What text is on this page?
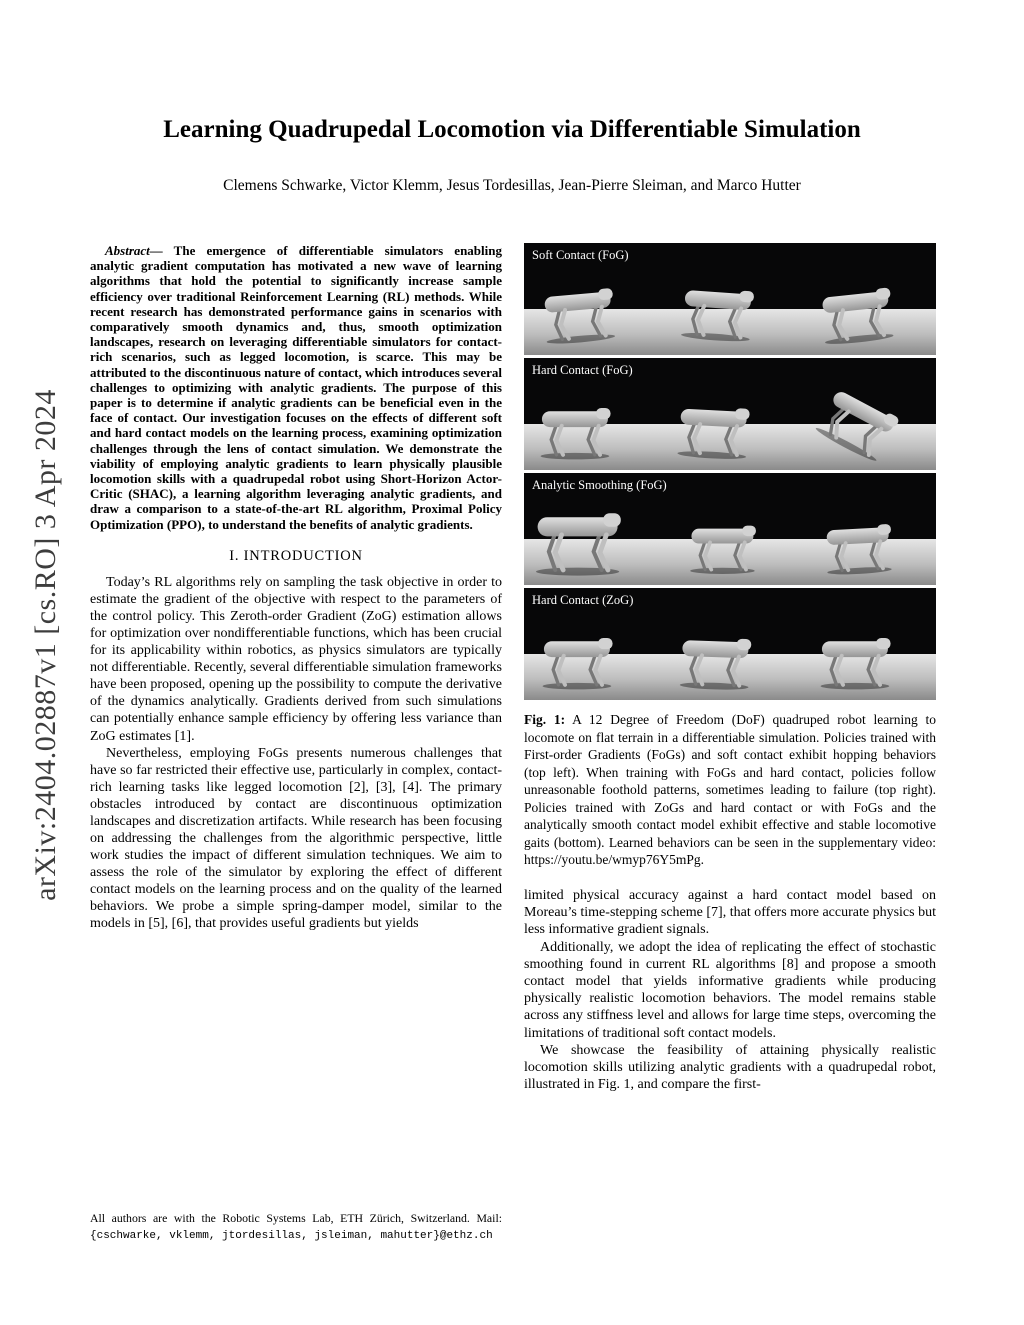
arXiv:2404.02887v1 [cs.RO] 3 Apr 2024
Learning Quadrupedal Locomotion via Differentiable Simulation
Clemens Schwarke, Victor Klemm, Jesus Tordesillas, Jean-Pierre Sleiman, and Marco Hutter

Abstract— The emergence of differentiable simulators enabling analytic gradient computation has motivated a new wave of learning algorithms that hold the potential to significantly increase sample efficiency over traditional Reinforcement Learning (RL) methods. While recent research has demonstrated performance gains in scenarios with comparatively smooth dynamics and, thus, smooth optimization landscapes, research on leveraging differentiable simulators for contact-rich scenarios, such as legged locomotion, is scarce. This may be attributed to the discontinuous nature of contact, which introduces several challenges to optimizing with analytic gradients. The purpose of this paper is to determine if analytic gradients can be beneficial even in the face of contact. Our investigation focuses on the effects of different soft and hard contact models on the learning process, examining optimization challenges through the lens of contact simulation. We demonstrate the viability of employing analytic gradients to learn physically plausible locomotion skills with a quadrupedal robot using Short-Horizon Actor-Critic (SHAC), a learning algorithm leveraging analytic gradients, and draw a comparison to a state-of-the-art RL algorithm, Proximal Policy Optimization (PPO), to understand the benefits of analytic gradients.

I. INTRODUCTION

Today’s RL algorithms rely on sampling the task objective in order to estimate the gradient of the objective with respect to the parameters of the control policy. This Zeroth-order Gradient (ZoG) estimation allows for optimization over nondifferentiable functions, which has been crucial for its applicability within robotics, as physics simulators are typically not differentiable. Recently, several differentiable simulation frameworks have been proposed, opening up the possibility to compute the derivative of the dynamics analytically. Gradients derived from such simulations can potentially enhance sample efficiency by offering less variance than ZoG estimates [1].

Nevertheless, employing FoGs presents numerous challenges that have so far restricted their effective use, particularly in complex, contact-rich learning tasks like legged locomotion [2], [3], [4]. The primary obstacles introduced by contact are discontinuous optimization landscapes and discretization artifacts. While research has been focusing on addressing the challenges from the algorithmic perspective, little work studies the impact of different simulation techniques. We aim to assess the role of the simulator by exploring the effect of different contact models on the learning process and on the quality of the learned behaviors. We probe a simple spring-damper model, similar to the models in [5], [6], that provides useful gradients but yields

All authors are with the Robotic Systems Lab, ETH Zürich, Switzerland. Mail: {cschwarke, vklemm, jtordesillas, jsleiman, mahutter}@ethz.ch
Soft Contact (FoG)
Hard Contact (FoG)
Analytic Smoothing (FoG)
Hard Contact (ZoG)
Fig. 1: A 12 Degree of Freedom (DoF) quadruped robot learning to locomote on flat terrain in a differentiable simulation. Policies trained with First-order Gradients (FoGs) and soft contact exhibit hopping behaviors (top left). When training with FoGs and hard contact, policies follow unreasonable foothold patterns, sometimes leading to failure (top right). Policies trained with ZoGs and hard contact or with FoGs and the analytically smooth contact model exhibit effective and stable locomotive gaits (bottom). Learned behaviors can be seen in the supplementary video: https://youtu.be/wmyp76Y5mPg.

limited physical accuracy against a hard contact model based on Moreau’s time-stepping scheme [7], that offers more accurate physics but less informative gradient signals.

Additionally, we adopt the idea of replicating the effect of stochastic smoothing found in current RL algorithms [8] and propose a smooth contact model that yields informative gradients while producing physically realistic locomotion behaviors. The model remains stable across any stiffness level and allows for large time steps, overcoming the limitations of traditional soft contact models.

We showcase the feasibility of attaining physically realistic locomotion skills utilizing analytic gradients with a quadrupedal robot, illustrated in Fig. 1, and compare the first-
